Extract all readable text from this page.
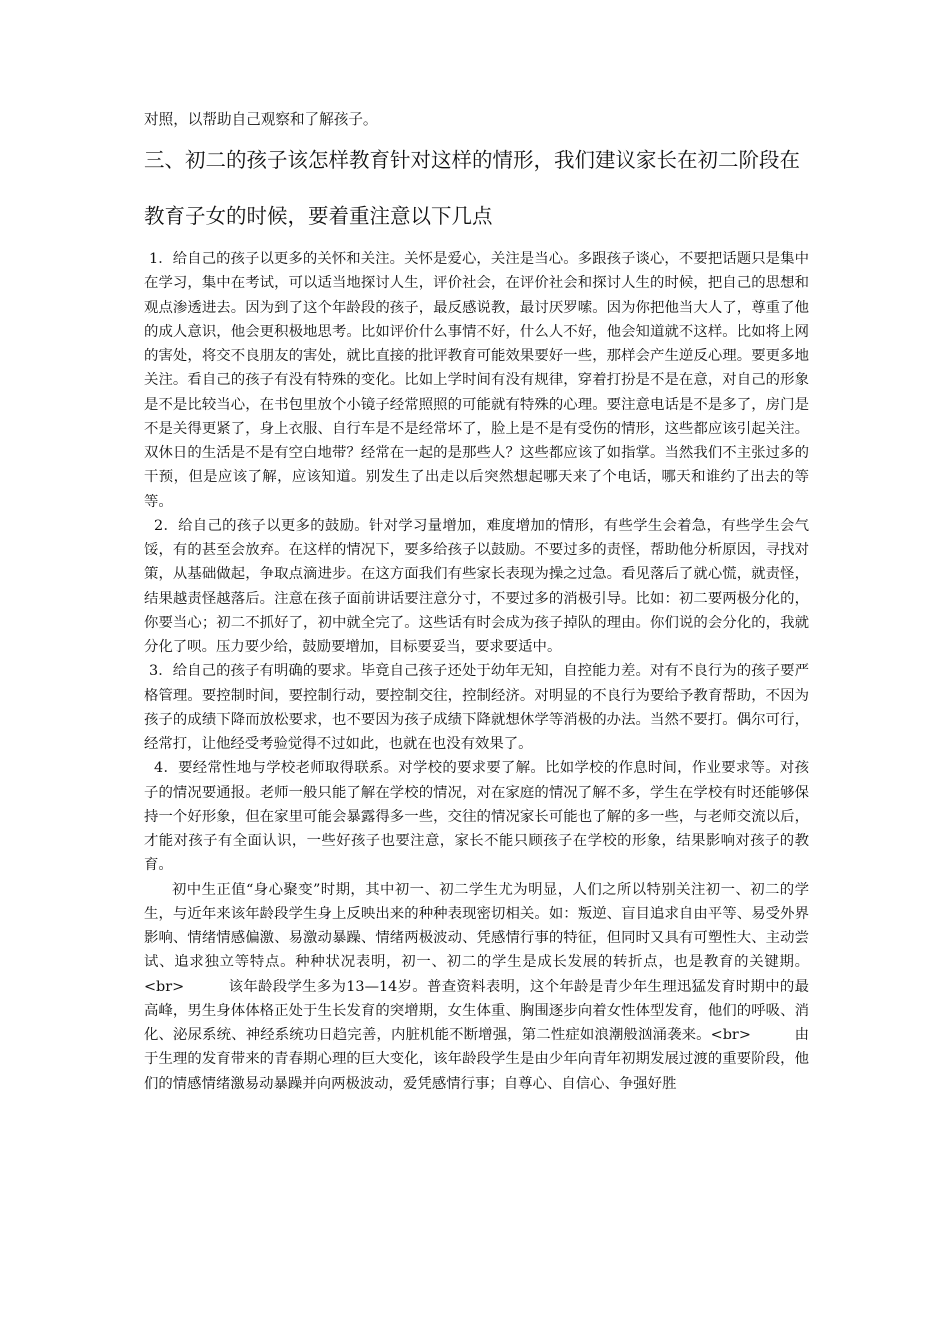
对照，以帮助自己观察和了解孩子。

三、初二的孩子该怎样教育针对这样的情形，我们建议家长在初二阶段在教育子女的时候，要着重注意以下几点

1．给自己的孩子以更多的关怀和关注。关怀是爱心，关注是当心。多跟孩子谈心，不要把话题只是集中在学习，集中在考试，可以适当地探讨人生，评价社会，在评价社会和探讨人生的时候，把自己的思想和观点渗透进去。因为到了这个年龄段的孩子，最反感说教，最讨厌罗嗦。因为你把他当大人了，尊重了他的成人意识，他会更积极地思考。比如评价什么事情不好，什么人不好，他会知道就不这样。比如将上网的害处，将交不良朋友的害处，就比直接的批评教育可能效果要好一些，那样会产生逆反心理。要更多地关注。看自己的孩子有没有特殊的变化。比如上学时间有没有规律，穿着打扮是不是在意，对自己的形象是不是比较当心，在书包里放个小镜子经常照照的可能就有特殊的心理。要注意电话是不是多了，房门是不是关得更紧了，身上衣服、自行车是不是经常坏了，脸上是不是有受伤的情形，这些都应该引起关注。双休日的生活是不是有空白地带？经常在一起的是那些人？这些都应该了如指掌。当然我们不主张过多的干预，但是应该了解，应该知道。别发生了出走以后突然想起哪天来了个电话，哪天和谁约了出去的等等。

2．给自己的孩子以更多的鼓励。针对学习量增加，难度增加的情形，有些学生会着急，有些学生会气馁，有的甚至会放弃。在这样的情况下，要多给孩子以鼓励。不要过多的责怪，帮助他分析原因，寻找对策，从基础做起，争取点滴进步。在这方面我们有些家长表现为操之过急。看见落后了就心慌，就责怪，结果越责怪越落后。注意在孩子面前讲话要注意分寸，不要过多的消极引导。比如：初二要两极分化的，你要当心；初二不抓好了，初中就全完了。这些话有时会成为孩子掉队的理由。你们说的会分化的，我就分化了呗。压力要少给，鼓励要增加，目标要妥当，要求要适中。

3．给自己的孩子有明确的要求。毕竟自己孩子还处于幼年无知，自控能力差。对有不良行为的孩子要严格管理。要控制时间，要控制行动，要控制交往，控制经济。对明显的不良行为要给予教育帮助，不因为孩子的成绩下降而放松要求，也不要因为孩子成绩下降就想休学等消极的办法。当然不要打。偶尔可行，经常打，让他经受考验觉得不过如此，也就在也没有效果了。

4．要经常性地与学校老师取得联系。对学校的要求要了解。比如学校的作息时间，作业要求等。对孩子的情况要通报。老师一般只能了解在学校的情况，对在家庭的情况了解不多，学生在学校有时还能够保持一个好形象，但在家里可能会暴露得多一些，交往的情况家长可能也了解的多一些，与老师交流以后，才能对孩子有全面认识，一些好孩子也要注意，家长不能只顾孩子在学校的形象，结果影响对孩子的教育。

初中生正值“身心聚变”时期，其中初一、初二学生尤为明显，人们之所以特别关注初一、初二的学生，与近年来该年龄段学生身上反映出来的种种表现密切相关。如：叛逆、盲目追求自由平等、易受外界影响、情绪情感偏激、易激动暴躁、情绪两极波动、凭感情行事的特征，但同时又具有可塑性大、主动尝试、追求独立等特点。种种状况表明，初一、初二的学生是成长发展的转折点，也是教育的关键期。<br>　　　该年龄段学生多为13—14岁。普查资料表明，这个年龄是青少年生理迅猛发育时期中的最高峰，男生身体体格正处于生长发育的突增期，女生体重、胸围逐步向着女性体型发育，他们的呼吸、消化、泌尿系统、神经系统功日趋完善，内脏机能不断增强，第二性症如浪潮般汹涌袭来。<br>　　　由于生理的发育带来的青春期心理的巨大变化，该年龄段学生是由少年向青年初期发展过渡的重要阶段，他们的情感情绪激易动暴躁并向两极波动，爱凭感情行事；自尊心、自信心、争强好胜
